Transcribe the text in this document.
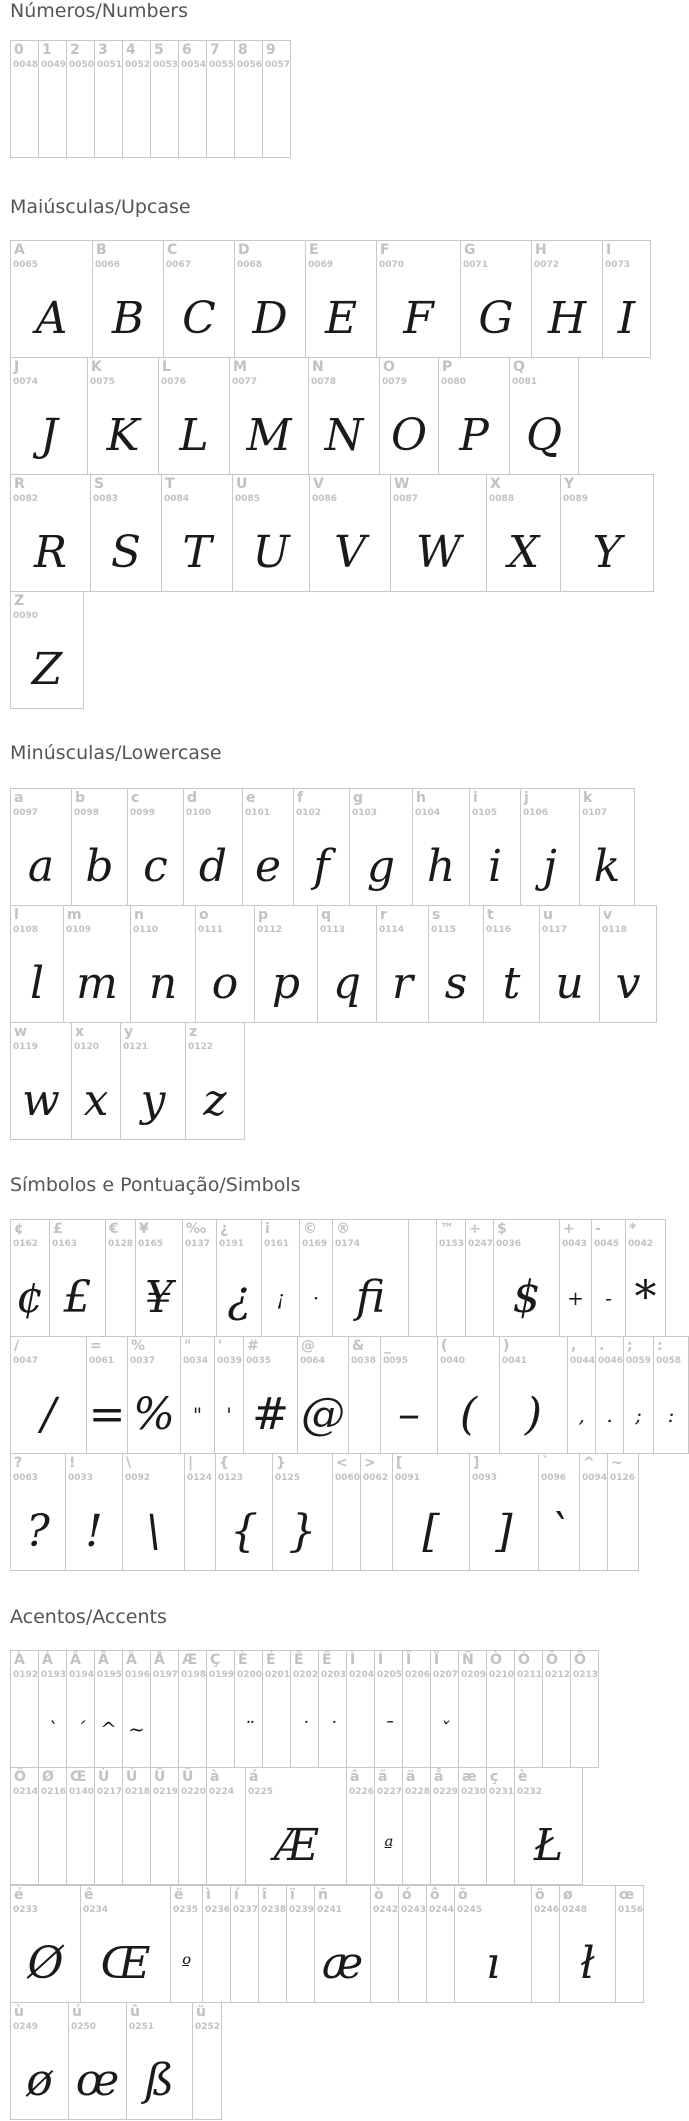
Números/Numbers
0
0048
1
0049
2
0050
3
0051
4
0052
5
0053
6
0054
7
0055
8
0056
9
0057
Maiúsculas/Upcase
A
0065
A
B
0066
B
C
0067
C
D
0068
D
E
0069
E
F
0070
F
G
0071
G
H
0072
H
I
0073
I
J
0074
J
K
0075
K
L
0076
L
M
0077
M
N
0078
N
O
0079
O
P
0080
P
Q
0081
Q
R
0082
R
S
0083
S
T
0084
T
U
0085
U
V
0086
V
W
0087
W
X
0088
X
Y
0089
Y
Z
0090
Z
Minúsculas/Lowercase
a
0097
a
b
0098
b
c
0099
c
d
0100
d
e
0101
e
f
0102
f
g
0103
g
h
0104
h
i
0105
i
j
0106
j
k
0107
k
l
0108
l
m
0109
m
n
0110
n
o
0111
o
p
0112
p
q
0113
q
r
0114
r
s
0115
s
t
0116
t
u
0117
u
v
0118
v
w
0119
w
x
0120
x
y
0121
y
z
0122
z
Símbolos e Pontuação/Simbols
¢
0162
¢
£
0163
£
€
0128
¥
0165
¥
‰
0137
¿
0191
¿
i
0161
¡
©
0169
·
®
0174
fi
™
0153
÷
0247
$
0036
$
+
0043
+
-
0045
-
*
0042
*
/
0047
/
=
0061
=
%
0037
%
"
0034
"
'
0039
'
#
0035
#
@
0064
@
&
0038
_
0095
–
(
0040
(
)
0041
)
,
0044
,
.
0046
.
;
0059
;
:
0058
:
?
0063
?
!
0033
!
\
0092
\
|
0124
{
0123
{
}
0125
}
<
0060
>
0062
[
0091
[
]
0093
]
`
0096
`
^
0094
~
0126
Acentos/Accents
À
0192
Á
0193
`
Â
0194
´
Ã
0195
^
Ä
0196
~
Å
0197
Æ
0198
Ç
0199
È
0200
¨
É
0201
Ê
0202
˙
Ë
0203
˙
Ì
0204
Í
0205
¯
Î
0206
Ï
0207
ˇ
Ñ
0209
Ò
0210
Ó
0211
Ô
0212
Õ
0213
Ö
0214
Ø
0216
Œ
0140
Ù
0217
Ú
0218
Û
0219
Ü
0220
à
0224
á
0225
Æ
â
0226
ã
0227
ª
ä
0228
å
0229
æ
0230
ç
0231
è
0232
Ł
é
0233
Ø
ê
0234
Œ
ë
0235
º
ì
0236
í
0237
î
0238
ï
0239
ñ
0241
æ
ò
0242
ó
0243
ô
0244
õ
0245
ı
ö
0246
ø
0248
ł
œ
0156
ù
0249
ø
ú
0250
œ
û
0251
ß
ü
0252
